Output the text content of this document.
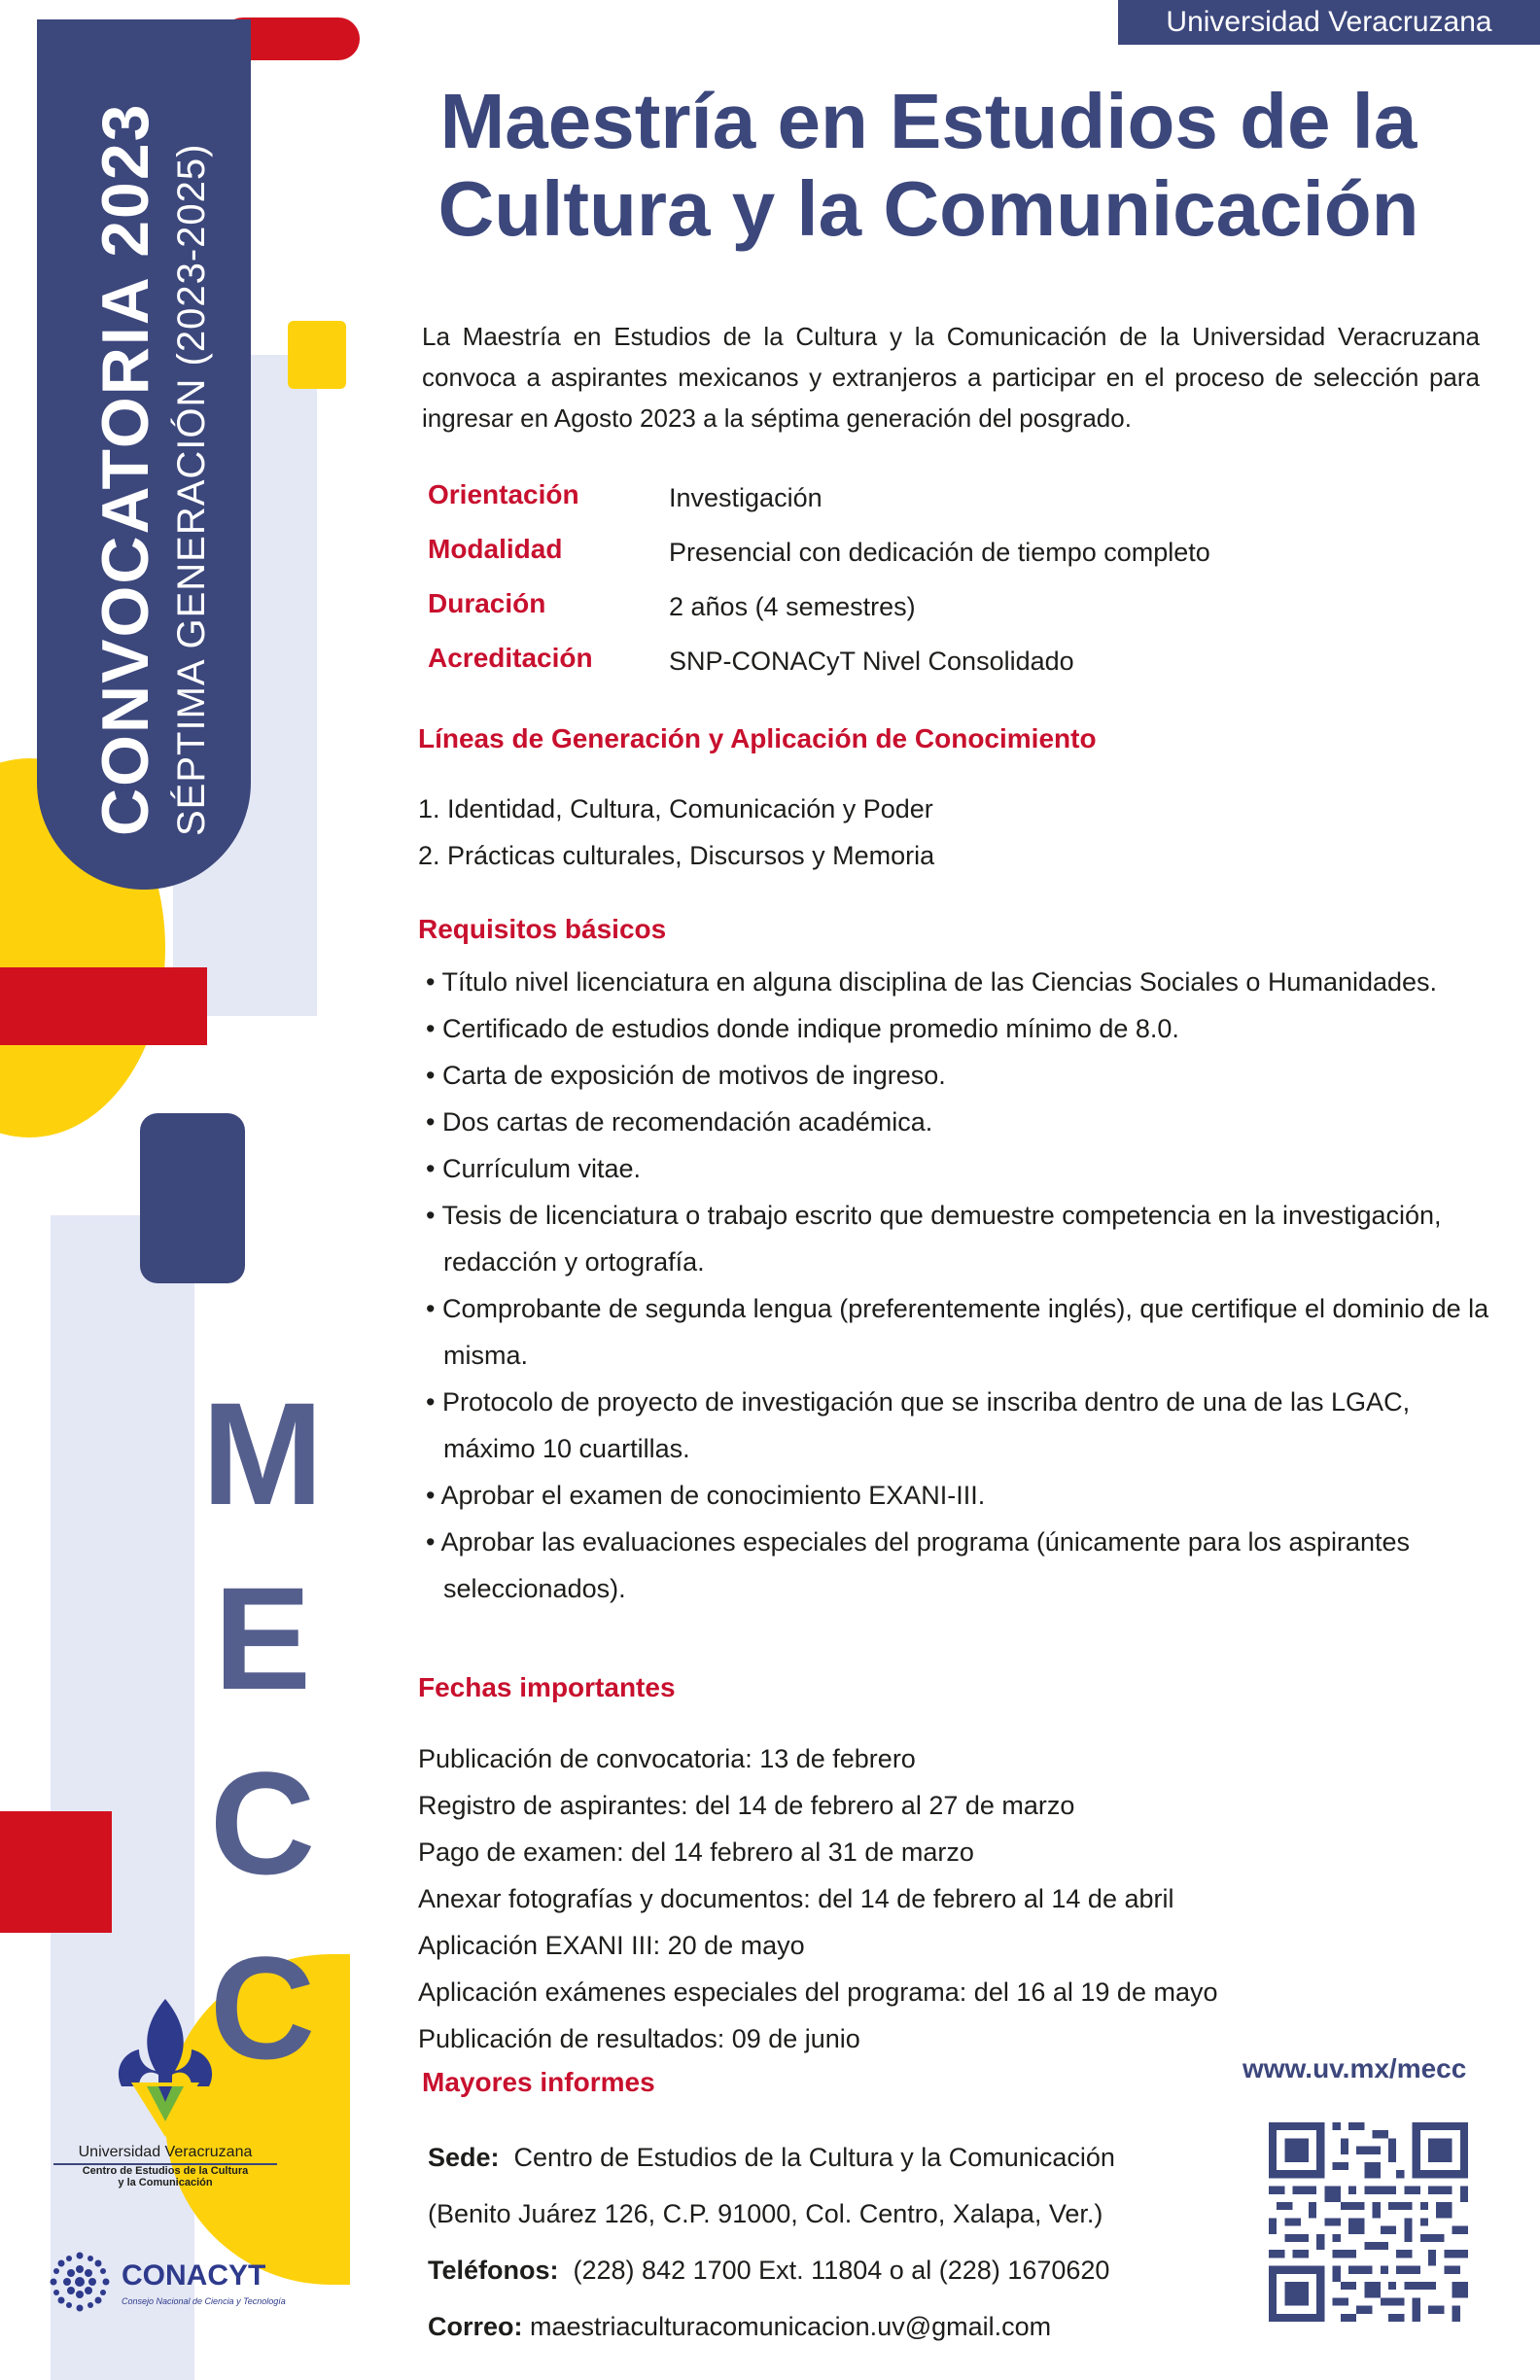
CONVOCATORIA 2023 SÉPTIMA GENERACIÓN (2023-2025)
M
E
C
C
Universidad Veracruzana
Maestría en Estudios de la
Cultura y la Comunicación
La Maestría en Estudios de la Cultura y la Comunicación de la Universidad Veracruzana convoca a aspirantes mexicanos y extranjeros a participar en el proceso de selección para ingresar en Agosto 2023 a la séptima generación del posgrado.
Orientación	Investigación
Modalidad	Presencial con dedicación de tiempo completo
Duración	2 años (4 semestres)
Acreditación	SNP-CONACyT Nivel Consolidado
Líneas de Generación y Aplicación de Conocimiento
1. Identidad, Cultura, Comunicación y Poder
2. Prácticas culturales, Discursos y Memoria
Requisitos básicos
• Título nivel licenciatura en alguna disciplina de las Ciencias Sociales o Humanidades.
• Certificado de estudios donde indique promedio mínimo de 8.0.
• Carta de exposición de motivos de ingreso.
• Dos cartas de recomendación académica.
• Currículum vitae.
• Tesis de licenciatura o trabajo escrito que demuestre competencia en la investigación, redacción y ortografía.
• Comprobante de segunda lengua (preferentemente inglés), que certifique el dominio de la misma.
• Protocolo de proyecto de investigación que se inscriba dentro de una de las LGAC, máximo 10 cuartillas.
• Aprobar el examen de conocimiento EXANI-III.
• Aprobar las evaluaciones especiales del programa (únicamente para los aspirantes seleccionados).
Fechas importantes
Publicación de convocatoria: 13 de febrero
Registro de aspirantes: del 14 de febrero al 27 de marzo
Pago de examen: del 14 febrero al 31 de marzo
Anexar fotografías y documentos: del 14 de febrero al 14 de abril
Aplicación EXANI III: 20 de mayo
Aplicación exámenes especiales del programa: del 16 al 19 de mayo
Publicación de resultados: 09 de junio
Mayores informes	www.uv.mx/mecc
Sede: Centro de Estudios de la Cultura y la Comunicación
(Benito Juárez 126, C.P. 91000, Col. Centro, Xalapa, Ver.)
Teléfonos: (228) 842 1700 Ext. 11804 o al (228) 1670620
Correo: maestriaculturacomunicacion.uv@gmail.com
Universidad Veracruzana
Centro de Estudios de la Cultura
y la Comunicación
CONACYT
Consejo Nacional de Ciencia y Tecnología
